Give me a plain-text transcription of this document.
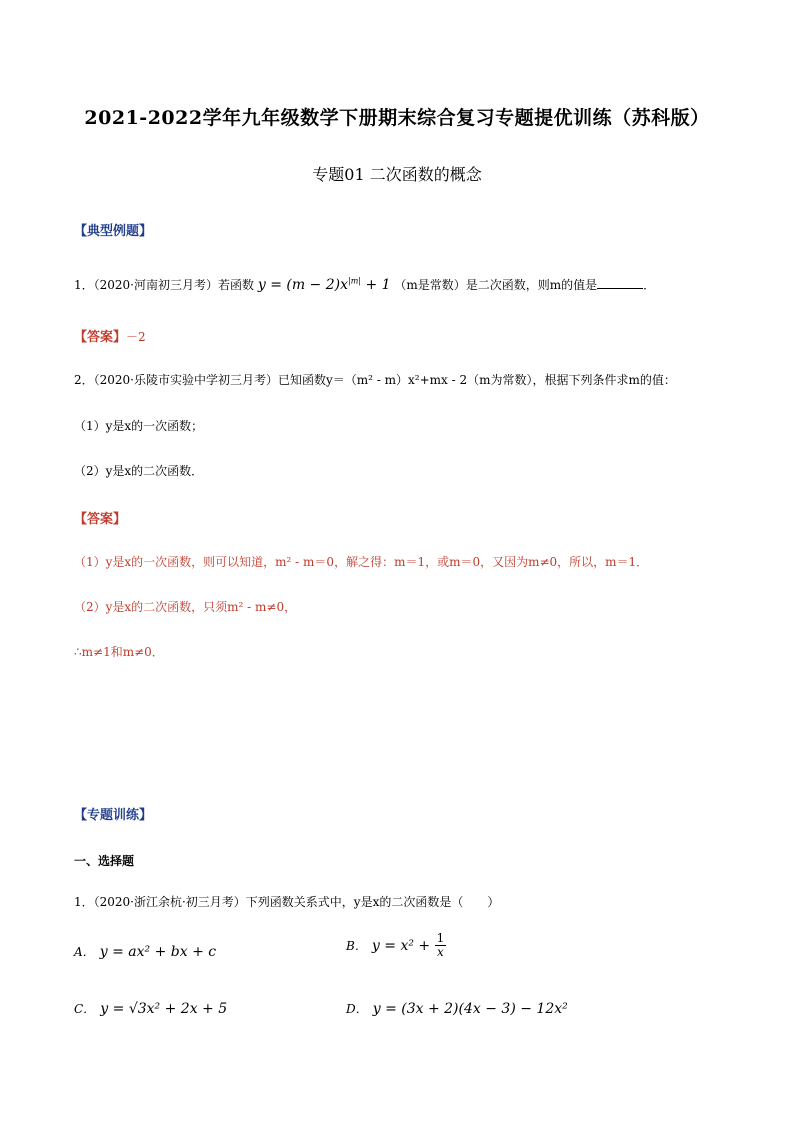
2021-2022学年九年级数学下册期末综合复习专题提优训练（苏科版）
专题01 二次函数的概念
【典型例题】
1．（2020·河南初三月考）若函数 $y = (m - 2)x^{|m|} + 1$ （m是常数）是二次函数，则m的值是	．
【答案】－2
2．（2020·乐陵市实验中学初三月考）已知函数y＝（m² - m）x²+mx - 2（m为常数），根据下列条件求m的值：
（1）y是x的一次函数；
（2）y是x的二次函数．
【答案】
（1）y是x的一次函数，则可以知道，m² - m＝0，解之得：m＝1，或m＝0，又因为m≠0，所以，m＝1．
（2）y是x的二次函数，只须m² - m≠0，
∴m≠1和m≠0．
【专题训练】
一、选择题
1．（2020·浙江余杭·初三月考）下列函数关系式中，y是x的二次函数是（　　）
A． y = ax² + bx + c	B． $y = x^2 + \frac{1}{x}$
C． y = √3x² + 2x + 5	D． y = (3x + 2)(4x − 3) − 12x²
